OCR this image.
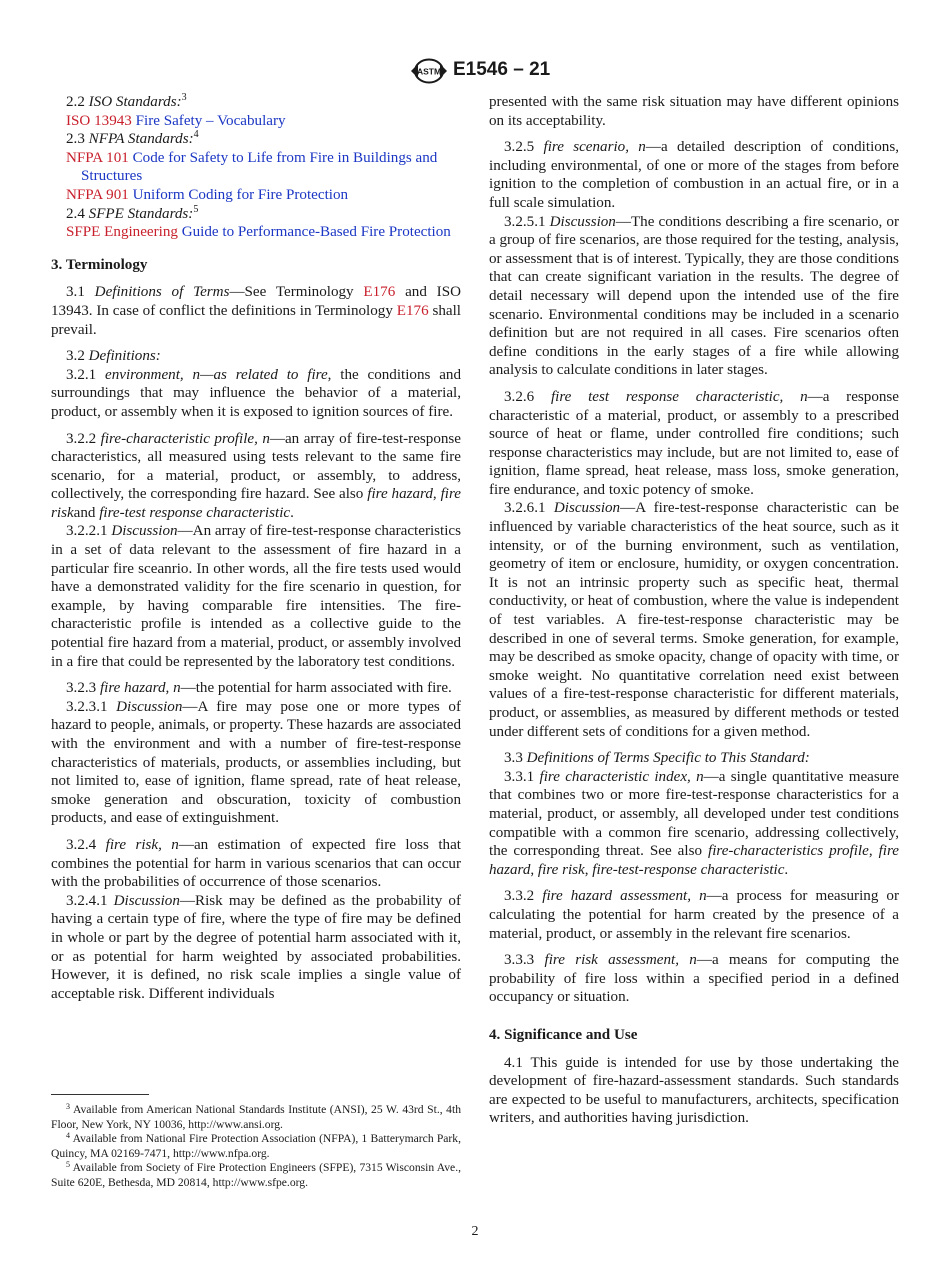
ASTM E1546 – 21

2.2 ISO Standards:$^3$

ISO 13943 Fire Safety – Vocabulary

2.3 NFPA Standards:$^4$

NFPA 101 Code for Safety to Life from Fire in Buildings and Structures

NFPA 901 Uniform Coding for Fire Protection

2.4 SFPE Standards:$^5$

SFPE Engineering Guide to Performance-Based Fire Protection

3. Terminology

3.1 Definitions of Terms—See Terminology E176 and ISO 13943. In case of conflict the definitions in Terminology E176 shall prevail.

3.2 Definitions:

3.2.1 environment, n—as related to fire, the conditions and surroundings that may influence the behavior of a material, product, or assembly when it is exposed to ignition sources of fire.

3.2.2 fire-characteristic profile, n—an array of fire-test-response characteristics, all measured using tests relevant to the same fire scenario, for a material, product, or assembly, to address, collectively, the corresponding fire hazard. See also fire hazard, fire riskand fire-test response characteristic.

3.2.2.1 Discussion—An array of fire-test-response characteristics in a set of data relevant to the assessment of fire hazard in a particular fire sceanrio. In other words, all the fire tests used would have a demonstrated validity for the fire scenario in question, for example, by having comparable fire intensities. The fire-characteristic profile is intended as a collective guide to the potential fire hazard from a material, product, or assembly involved in a fire that could be represented by the laboratory test conditions.

3.2.3 fire hazard, n—the potential for harm associated with fire.

3.2.3.1 Discussion—A fire may pose one or more types of hazard to people, animals, or property. These hazards are associated with the environment and with a number of fire-test-response characteristics of materials, products, or assemblies including, but not limited to, ease of ignition, flame spread, rate of heat release, smoke generation and obscuration, toxicity of combustion products, and ease of extinguishment.

3.2.4 fire risk, n—an estimation of expected fire loss that combines the potential for harm in various scenarios that can occur with the probabilities of occurrence of those scenarios.

3.2.4.1 Discussion—Risk may be defined as the probability of having a certain type of fire, where the type of fire may be defined in whole or part by the degree of potential harm associated with it, or as potential for harm weighted by associated probabilities. However, it is defined, no risk scale implies a single value of acceptable risk. Different individuals

presented with the same risk situation may have different opinions on its acceptability.

3.2.5 fire scenario, n—a detailed description of conditions, including environmental, of one or more of the stages from before ignition to the completion of combustion in an actual fire, or in a full scale simulation.

3.2.5.1 Discussion—The conditions describing a fire scenario, or a group of fire scenarios, are those required for the testing, analysis, or assessment that is of interest. Typically, they are those conditions that can create significant variation in the results. The degree of detail necessary will depend upon the intended use of the fire scenario. Environmental conditions may be included in a scenario definition but are not required in all cases. Fire scenarios often define conditions in the early stages of a fire while allowing analysis to calculate conditions in later stages.

3.2.6 fire test response characteristic, n—a response characteristic of a material, product, or assembly to a prescribed source of heat or flame, under controlled fire conditions; such response characteristics may include, but are not limited to, ease of ignition, flame spread, heat release, mass loss, smoke generation, fire endurance, and toxic potency of smoke.

3.2.6.1 Discussion—A fire-test-response characteristic can be influenced by variable characteristics of the heat source, such as it intensity, or of the burning environment, such as ventilation, geometry of item or enclosure, humidity, or oxygen concentration. It is not an intrinsic property such as specific heat, thermal conductivity, or heat of combustion, where the value is independent of test variables. A fire-test-response characteristic may be described in one of several terms. Smoke generation, for example, may be described as smoke opacity, change of opacity with time, or smoke weight. No quantitative correlation need exist between values of a fire-test-response characteristic for different materials, product, or assemblies, as measured by different methods or tested under different sets of conditions for a given method.

3.3 Definitions of Terms Specific to This Standard:

3.3.1 fire characteristic index, n—a single quantitative measure that combines two or more fire-test-response characteristics for a material, product, or assembly, all developed under test conditions compatible with a common fire scenario, addressing collectively, the corresponding threat. See also fire-characteristics profile, fire hazard, fire risk, fire-test-response characteristic.

3.3.2 fire hazard assessment, n—a process for measuring or calculating the potential for harm created by the presence of a material, product, or assembly in the relevant fire scenarios.

3.3.3 fire risk assessment, n—a means for computing the probability of fire loss within a specified period in a defined occupancy or situation.

4. Significance and Use

4.1 This guide is intended for use by those undertaking the development of fire-hazard-assessment standards. Such standards are expected to be useful to manufacturers, architects, specification writers, and authorities having jurisdiction.

$^3$ Available from American National Standards Institute (ANSI), 25 W. 43rd St., 4th Floor, New York, NY 10036, http://www.ansi.org.

$^4$ Available from National Fire Protection Association (NFPA), 1 Batterymarch Park, Quincy, MA 02169-7471, http://www.nfpa.org.

$^5$ Available from Society of Fire Protection Engineers (SFPE), 7315 Wisconsin Ave., Suite 620E, Bethesda, MD 20814, http://www.sfpe.org.

2
